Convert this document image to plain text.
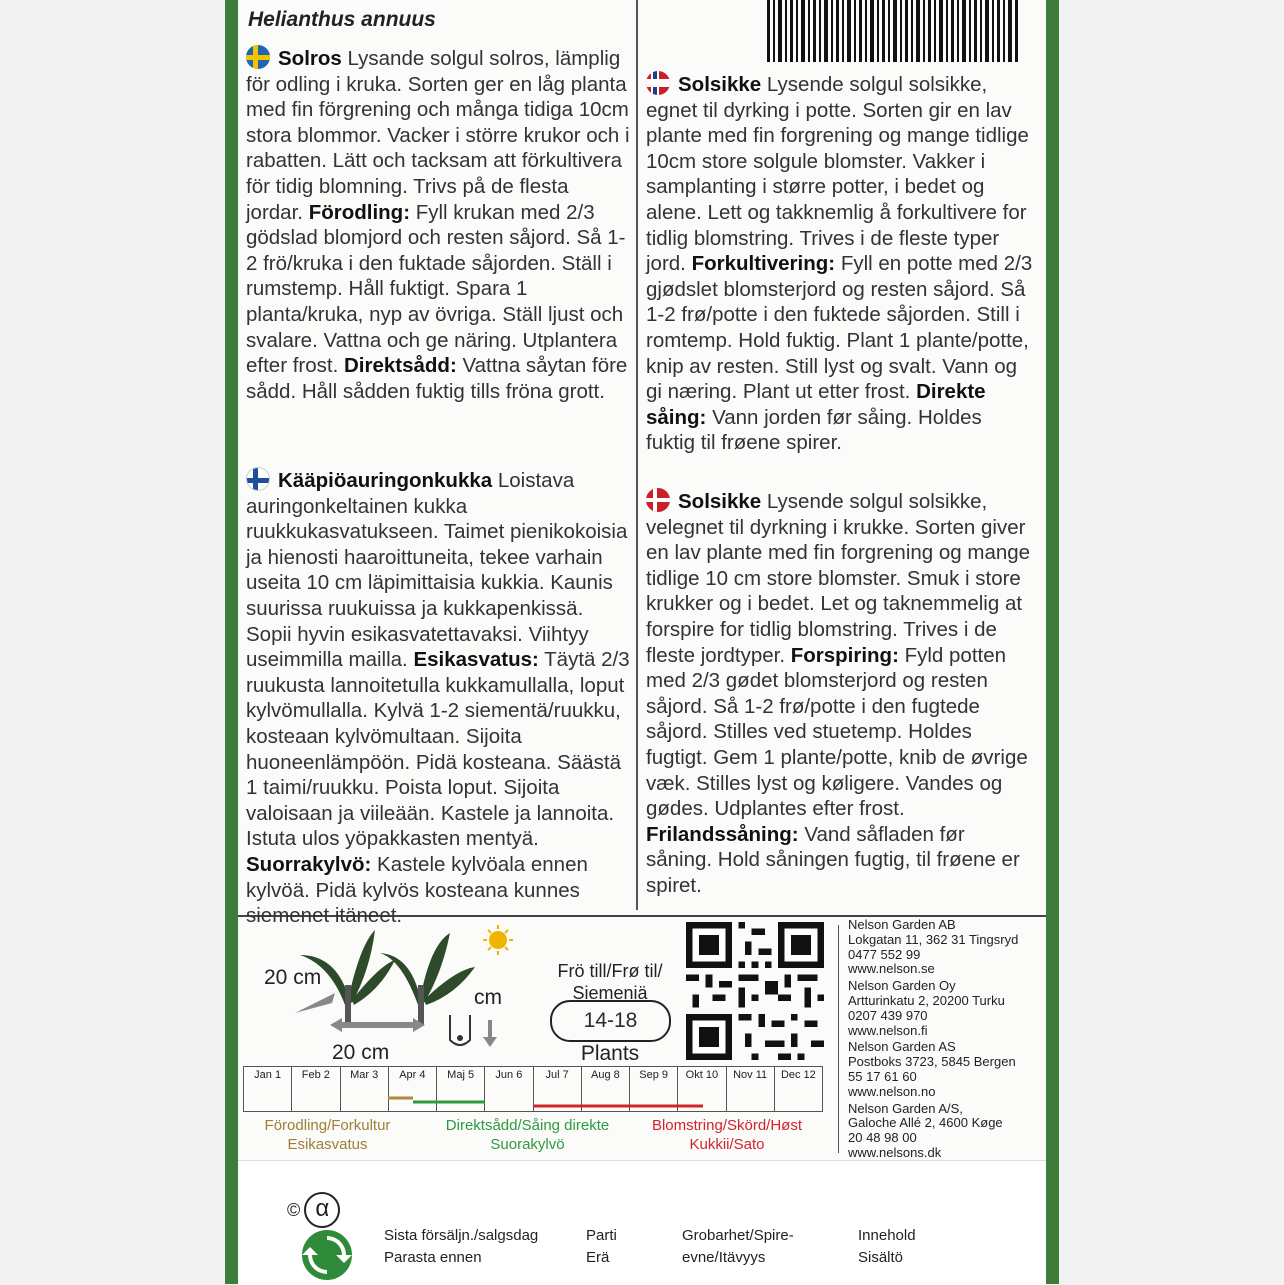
Helianthus annuus
Solros Lysande solgul solros, lämplig för odling i kruka. Sorten ger en låg planta med fin förgrening och många tidiga 10cm stora blommor. Vacker i större krukor och i rabatten. Lätt och tacksam att förkultivera för tidig blomning. Trivs på de flesta jordar. Förodling: Fyll krukan med 2/3 gödslad blomjord och resten såjord. Så 1-2 frö/kruka i den fuktade såjorden. Ställ i rumstemp. Håll fuktigt. Spara 1 planta/kruka, nyp av övriga. Ställ ljust och svalare. Vattna och ge näring. Utplantera efter frost. Direktsådd: Vattna såytan före sådd. Håll sådden fuktig tills fröna grott.
Solsikke Lysende solgul solsikke, egnet til dyrking i potte. Sorten gir en lav plante med fin forgrening og mange tidlige 10cm store solgule blomster. Vakker i samplanting i større potter, i bedet og alene. Lett og takknemlig å forkultivere for tidlig blomstring. Trives i de fleste typer jord. Forkultivering: Fyll en potte med 2/3 gjødslet blomsterjord og resten såjord. Så 1-2 frø/potte i den fuktede såjorden. Still i romtemp. Hold fuktig. Plant 1 plante/potte, knip av resten. Still lyst og svalt. Vann og gi næring. Plant ut etter frost. Direkte såing: Vann jorden før såing. Holdes fuktig til frøene spirer.
Kääpiöauringonkukka Loistava auringonkeltainen kukka ruukkukasvatukseen. Taimet pienikokoisia ja hienosti haaroittuneita, tekee varhain useita 10 cm läpimittaisia kukkia. Kaunis suurissa ruukuissa ja kukkapenkissä. Sopii hyvin esikasvatettavaksi. Viihtyy useimmilla mailla. Esikasvatus: Täytä 2/3 ruukusta lannoitetulla kukkamullalla, loput kylvömullalla. Kylvä 1-2 siementä/ruukku, kosteaan kylvömultaan. Sijoita huoneenlämpöön. Pidä kosteana. Säästä 1 taimi/ruukku. Poista loput. Sijoita valoisaan ja viileään. Kastele ja lannoita. Istuta ulos yöpakkasten mentyä. Suorrakylvö: Kastele kylvöala ennen kylvöä. Pidä kylvös kosteana kunnes siemenet itäneet.
Solsikke Lysende solgul solsikke, velegnet til dyrkning i krukke. Sorten giver en lav plante med fin forgrening og mange tidlige 10 cm store blomster. Smuk i store krukker og i bedet. Let og taknemmelig at forspire for tidlig blomstring. Trives i de fleste jordtyper. Forspiring: Fyld potten med 2/3 gødet blomsterjord og resten såjord. Så 1-2 frø/potte i den fugtede såjord. Stilles ved stuetemp. Holdes fugtigt. Gem 1 plante/potte, knib de øvrige væk. Stilles lyst og køligere. Vandes og gødes. Udplantes efter frost. Frilandssåning: Vand såfladen før såning. Hold såningen fugtig, til frøene er spiret.
20 cm
20 cm
cm
Frö till/Frø til/
Siemeniä
14-18
Plants
Jan 1	Feb 2	Mar 3	Apr 4	Maj 5	Jun 6	Jul 7	Aug 8	Sep 9	Okt 10	Nov 11	Dec 12
Förodling/Forkultur
Esikasvatus
Direktsådd/Såing direkte
Suorakylvö
Blomstring/Skörd/Høst
Kukkii/Sato
Nelson Garden AB
Lokgatan 11, 362 31 Tingsryd
0477 552 99
www.nelson.se
Nelson Garden Oy
Artturinkatu 2, 20200 Turku
0207 439 970
www.nelson.fi
Nelson Garden AS
Postboks 3723, 5845 Bergen
55 17 61 60
www.nelson.no
Nelson Garden A/S,
Galoche Allé 2, 4600 Køge
20 48 98 00
www.nelsons.dk
© α
Sista försäljn./salgsdag
Parasta ennen
Parti
Erä
Grobarhet/Spire-
evne/Itävyys
Innehold
Sisältö
